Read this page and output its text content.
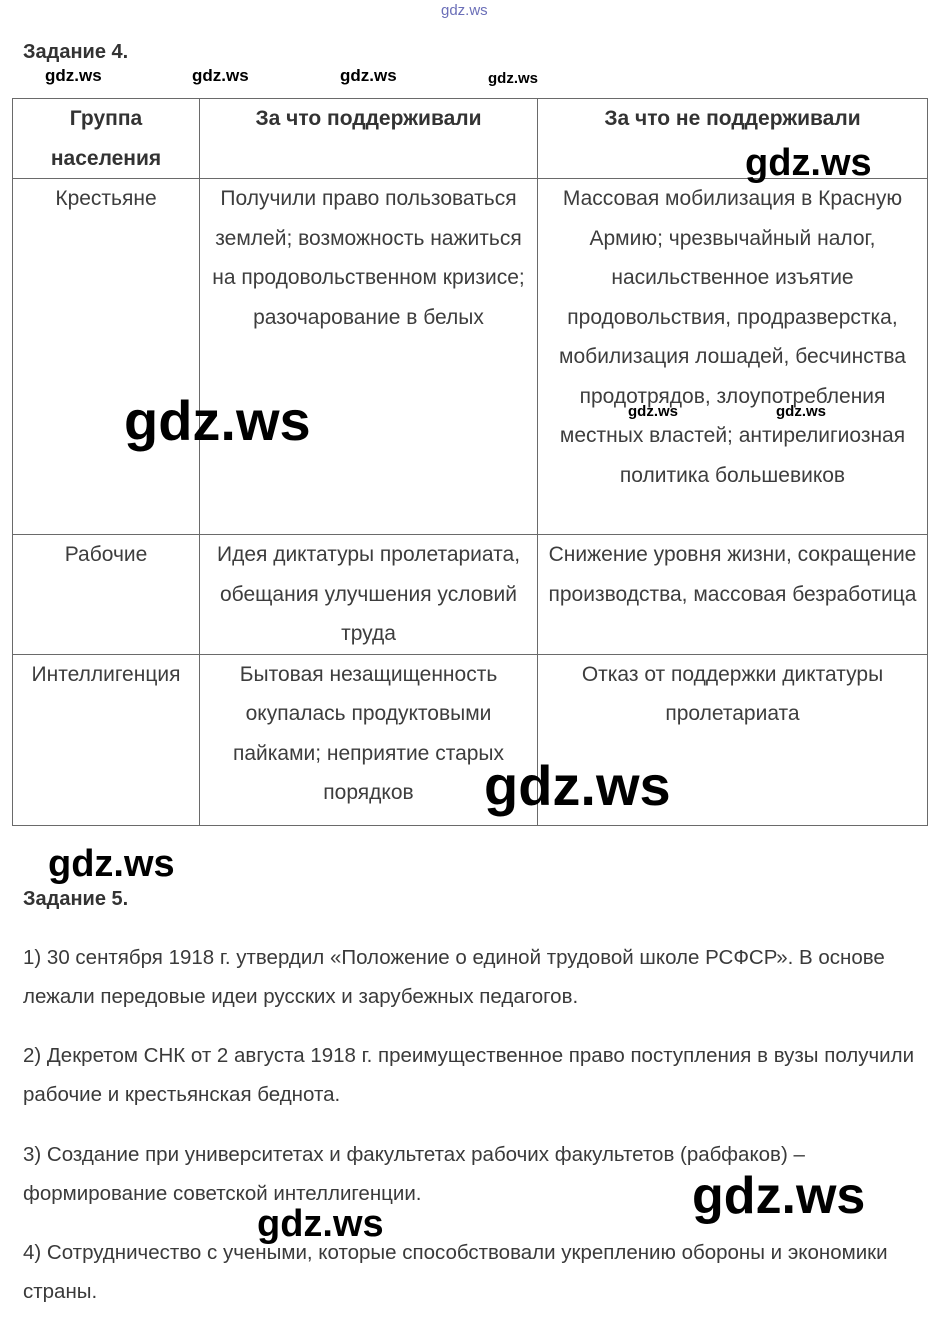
gdz.ws
Задание 4.
gdz.ws	gdz.ws	gdz.ws	gdz.ws
Группа населения	За что поддерживали	За что не поддерживали
Крестьяне	Получили право пользоваться землей; возможность нажиться на продовольственном кризисе; разочарование в белых	Массовая мобилизация в Красную Армию; чрезвычайный налог, насильственное изъятие продовольствия, продразверстка, мобилизация лошадей, бесчинства продотрядов, злоупотребления местных властей; антирелигиозная политика большевиков
Рабочие	Идея диктатуры пролетариата, обещания улучшения условий труда	Снижение уровня жизни, сокращение производства, массовая безработица
Интеллигенция	Бытовая незащищенность окупалась продуктовыми пайками; неприятие старых порядков	Отказ от поддержки диктатуры пролетариата
gdz.ws
gdz.ws	gdz.ws	gdz.ws
gdz.ws
gdz.ws
Задание 5.
1) 30 сентября 1918 г. утвердил «Положение о единой трудовой школе РСФСР». В основе лежали передовые идеи русских и зарубежных педагогов.
2) Декретом СНК от 2 августа 1918 г. преимущественное право поступления в вузы получили рабочие и крестьянская беднота.
3) Создание при университетах и факультетах рабочих факультетов (рабфаков) – формирование советской интеллигенции.
4) Сотрудничество с учеными, которые способствовали укреплению обороны и экономики страны.
gdz.ws
gdz.ws
